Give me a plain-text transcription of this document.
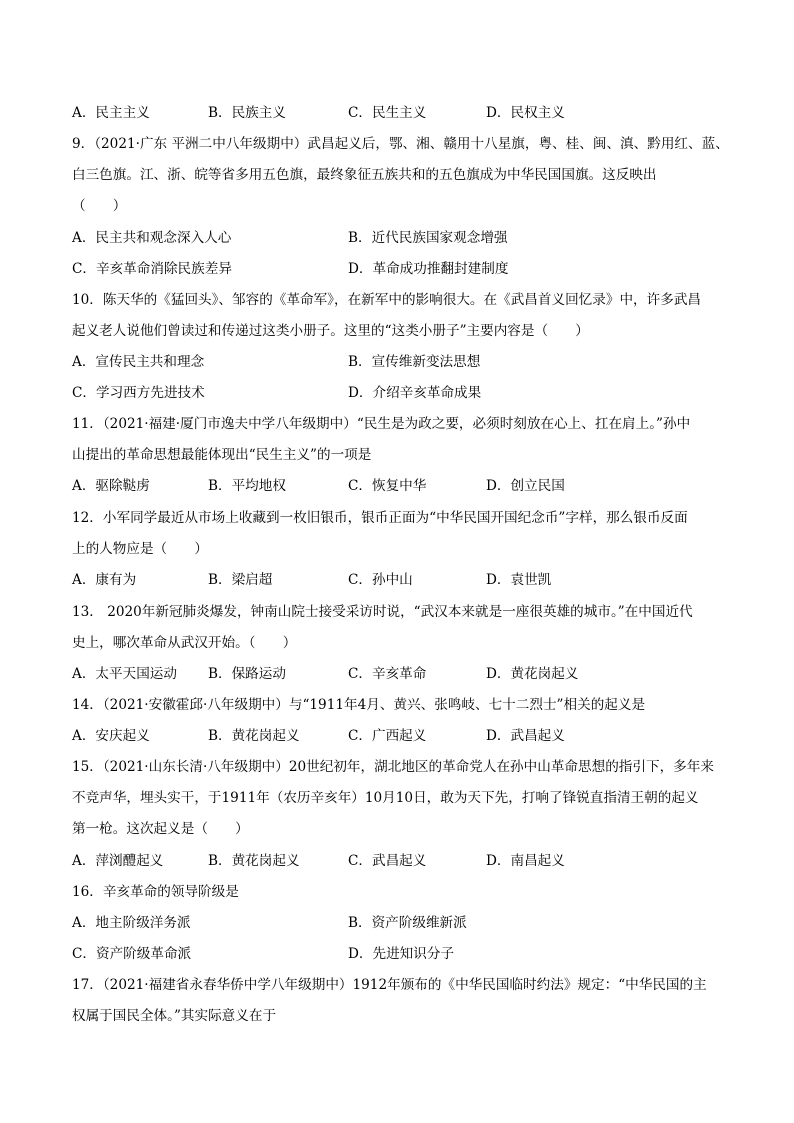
A．民主主义	B．民族主义	C．民生主义	D．民权主义
9．（2021·广东 平洲二中八年级期中）武昌起义后，鄂、湘、赣用十八星旗，粤、桂、闽、滇、黔用红、蓝、
白三色旗。江、浙、皖等省多用五色旗，最终象征五族共和的五色旗成为中华民国国旗。这反映出
（　　）
A．民主共和观念深入人心	B．近代民族国家观念增强
C．辛亥革命消除民族差异	D．革命成功推翻封建制度
10．陈天华的《猛回头》、邹容的《革命军》，在新军中的影响很大。在《武昌首义回忆录》中，许多武昌
起义老人说他们曾读过和传递过这类小册子。这里的“这类小册子”主要内容是（　　）
A．宣传民主共和理念	B．宣传维新变法思想
C．学习西方先进技术	D．介绍辛亥革命成果
11．（2021·福建·厦门市逸夫中学八年级期中）“民生是为政之要，必须时刻放在心上、扛在肩上。”孙中
山提出的革命思想最能体现出“民生主义”的一项是
A．驱除鞑虏	B．平均地权	C．恢复中华	D．创立民国
12．小军同学最近从市场上收藏到一枚旧银币，银币正面为“中华民国开国纪念币”字样，那么银币反面
上的人物应是（　　）
A．康有为	B．梁启超	C．孙中山	D．袁世凯
13． 2020年新冠肺炎爆发，钟南山院士接受采访时说，“武汉本来就是一座很英雄的城市。”在中国近代
史上，哪次革命从武汉开始。（　　）
A．太平天国运动 B．保路运动	C．辛亥革命	D．黄花岗起义
14．（2021·安徽霍邱·八年级期中）与“1911年4月、黄兴、张鸣岐、七十二烈士”相关的起义是
A．安庆起义	B．黄花岗起义	C．广西起义	D．武昌起义
15．（2021·山东长清·八年级期中）20世纪初年，湖北地区的革命党人在孙中山革命思想的指引下，多年来
不竞声华，埋头实干，于1911年（农历辛亥年）10月10日，敢为天下先，打响了锋锐直指清王朝的起义
第一枪。这次起义是（　　）
A．萍浏醴起义	B．黄花岗起义	C．武昌起义	D．南昌起义
16．辛亥革命的领导阶级是
A．地主阶级洋务派	B．资产阶级维新派
C．资产阶级革命派	D．先进知识分子
17．（2021·福建省永春华侨中学八年级期中）1912年颁布的《中华民国临时约法》规定：“中华民国的主
权属于国民全体。”其实际意义在于
